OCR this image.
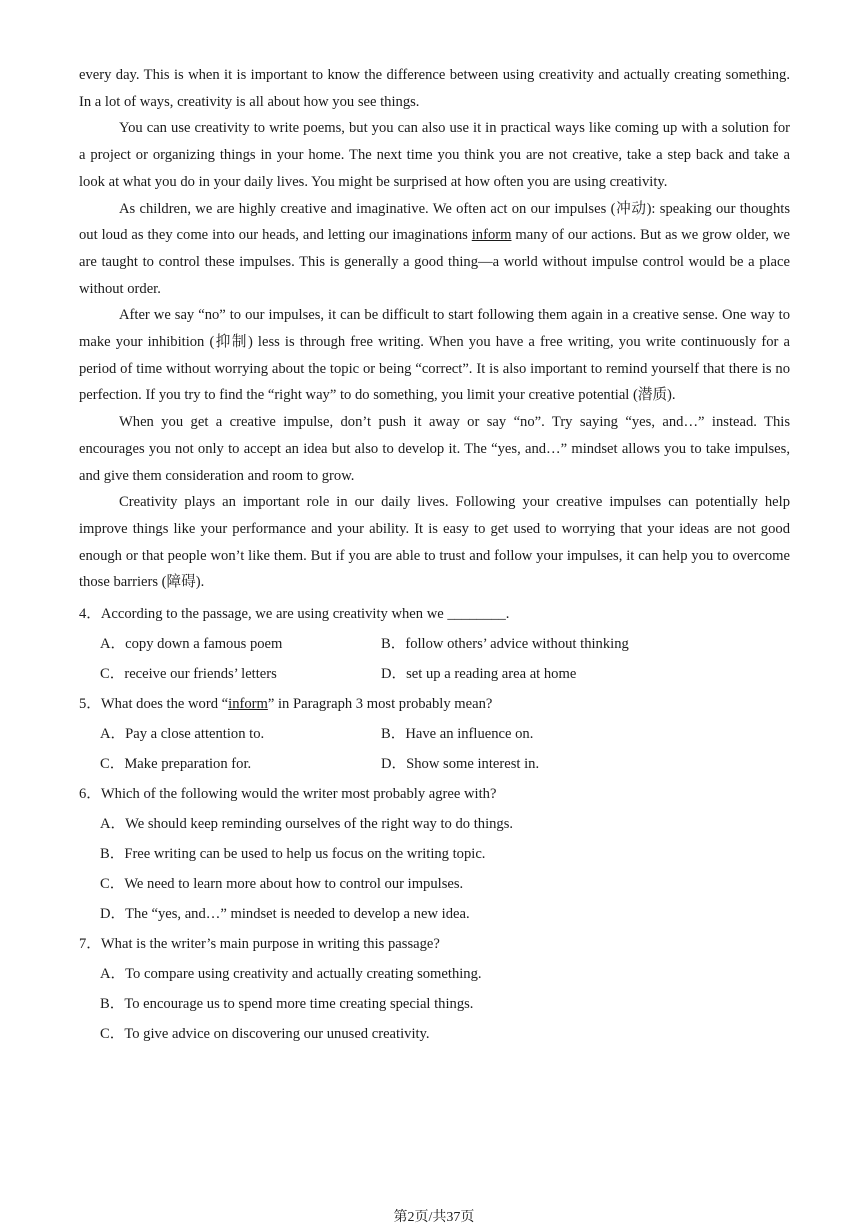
every day. This is when it is important to know the difference between using creativity and actually creating something. In a lot of ways, creativity is all about how you see things.

You can use creativity to write poems, but you can also use it in practical ways like coming up with a solution for a project or organizing things in your home. The next time you think you are not creative, take a step back and take a look at what you do in your daily lives. You might be surprised at how often you are using creativity.

As children, we are highly creative and imaginative. We often act on our impulses (冲动): speaking our thoughts out loud as they come into our heads, and letting our imaginations inform many of our actions. But as we grow older, we are taught to control these impulses. This is generally a good thing—a world without impulse control would be a place without order.

After we say “no” to our impulses, it can be difficult to start following them again in a creative sense. One way to make your inhibition (抑制) less is through free writing. When you have a free writing, you write continuously for a period of time without worrying about the topic or being “correct”. It is also important to remind yourself that there is no perfection. If you try to find the “right way” to do something, you limit your creative potential (潜质).

When you get a creative impulse, don’t push it away or say “no”. Try saying “yes, and…” instead. This encourages you not only to accept an idea but also to develop it. The “yes, and…” mindset allows you to take impulses, and give them consideration and room to grow.

Creativity plays an important role in our daily lives. Following your creative impulses can potentially help improve things like your performance and your ability. It is easy to get used to worrying that your ideas are not good enough or that people won’t like them. But if you are able to trust and follow your impulses, it can help you to overcome those barriers (障碍).

4．According to the passage, we are using creativity when we ________.
A．copy down a famous poem	B．follow others’ advice without thinking
C．receive our friends’ letters	D．set up a reading area at home
5．What does the word “inform” in Paragraph 3 most probably mean?
A．Pay a close attention to.	B．Have an influence on.
C．Make preparation for.	D．Show some interest in.
6．Which of the following would the writer most probably agree with?
A．We should keep reminding ourselves of the right way to do things.
B．Free writing can be used to help us focus on the writing topic.
C．We need to learn more about how to control our impulses.
D．The “yes, and…” mindset is needed to develop a new idea.
7．What is the writer’s main purpose in writing this passage?
A．To compare using creativity and actually creating something.
B．To encourage us to spend more time creating special things.
C．To give advice on discovering our unused creativity.
第2页/共37页
